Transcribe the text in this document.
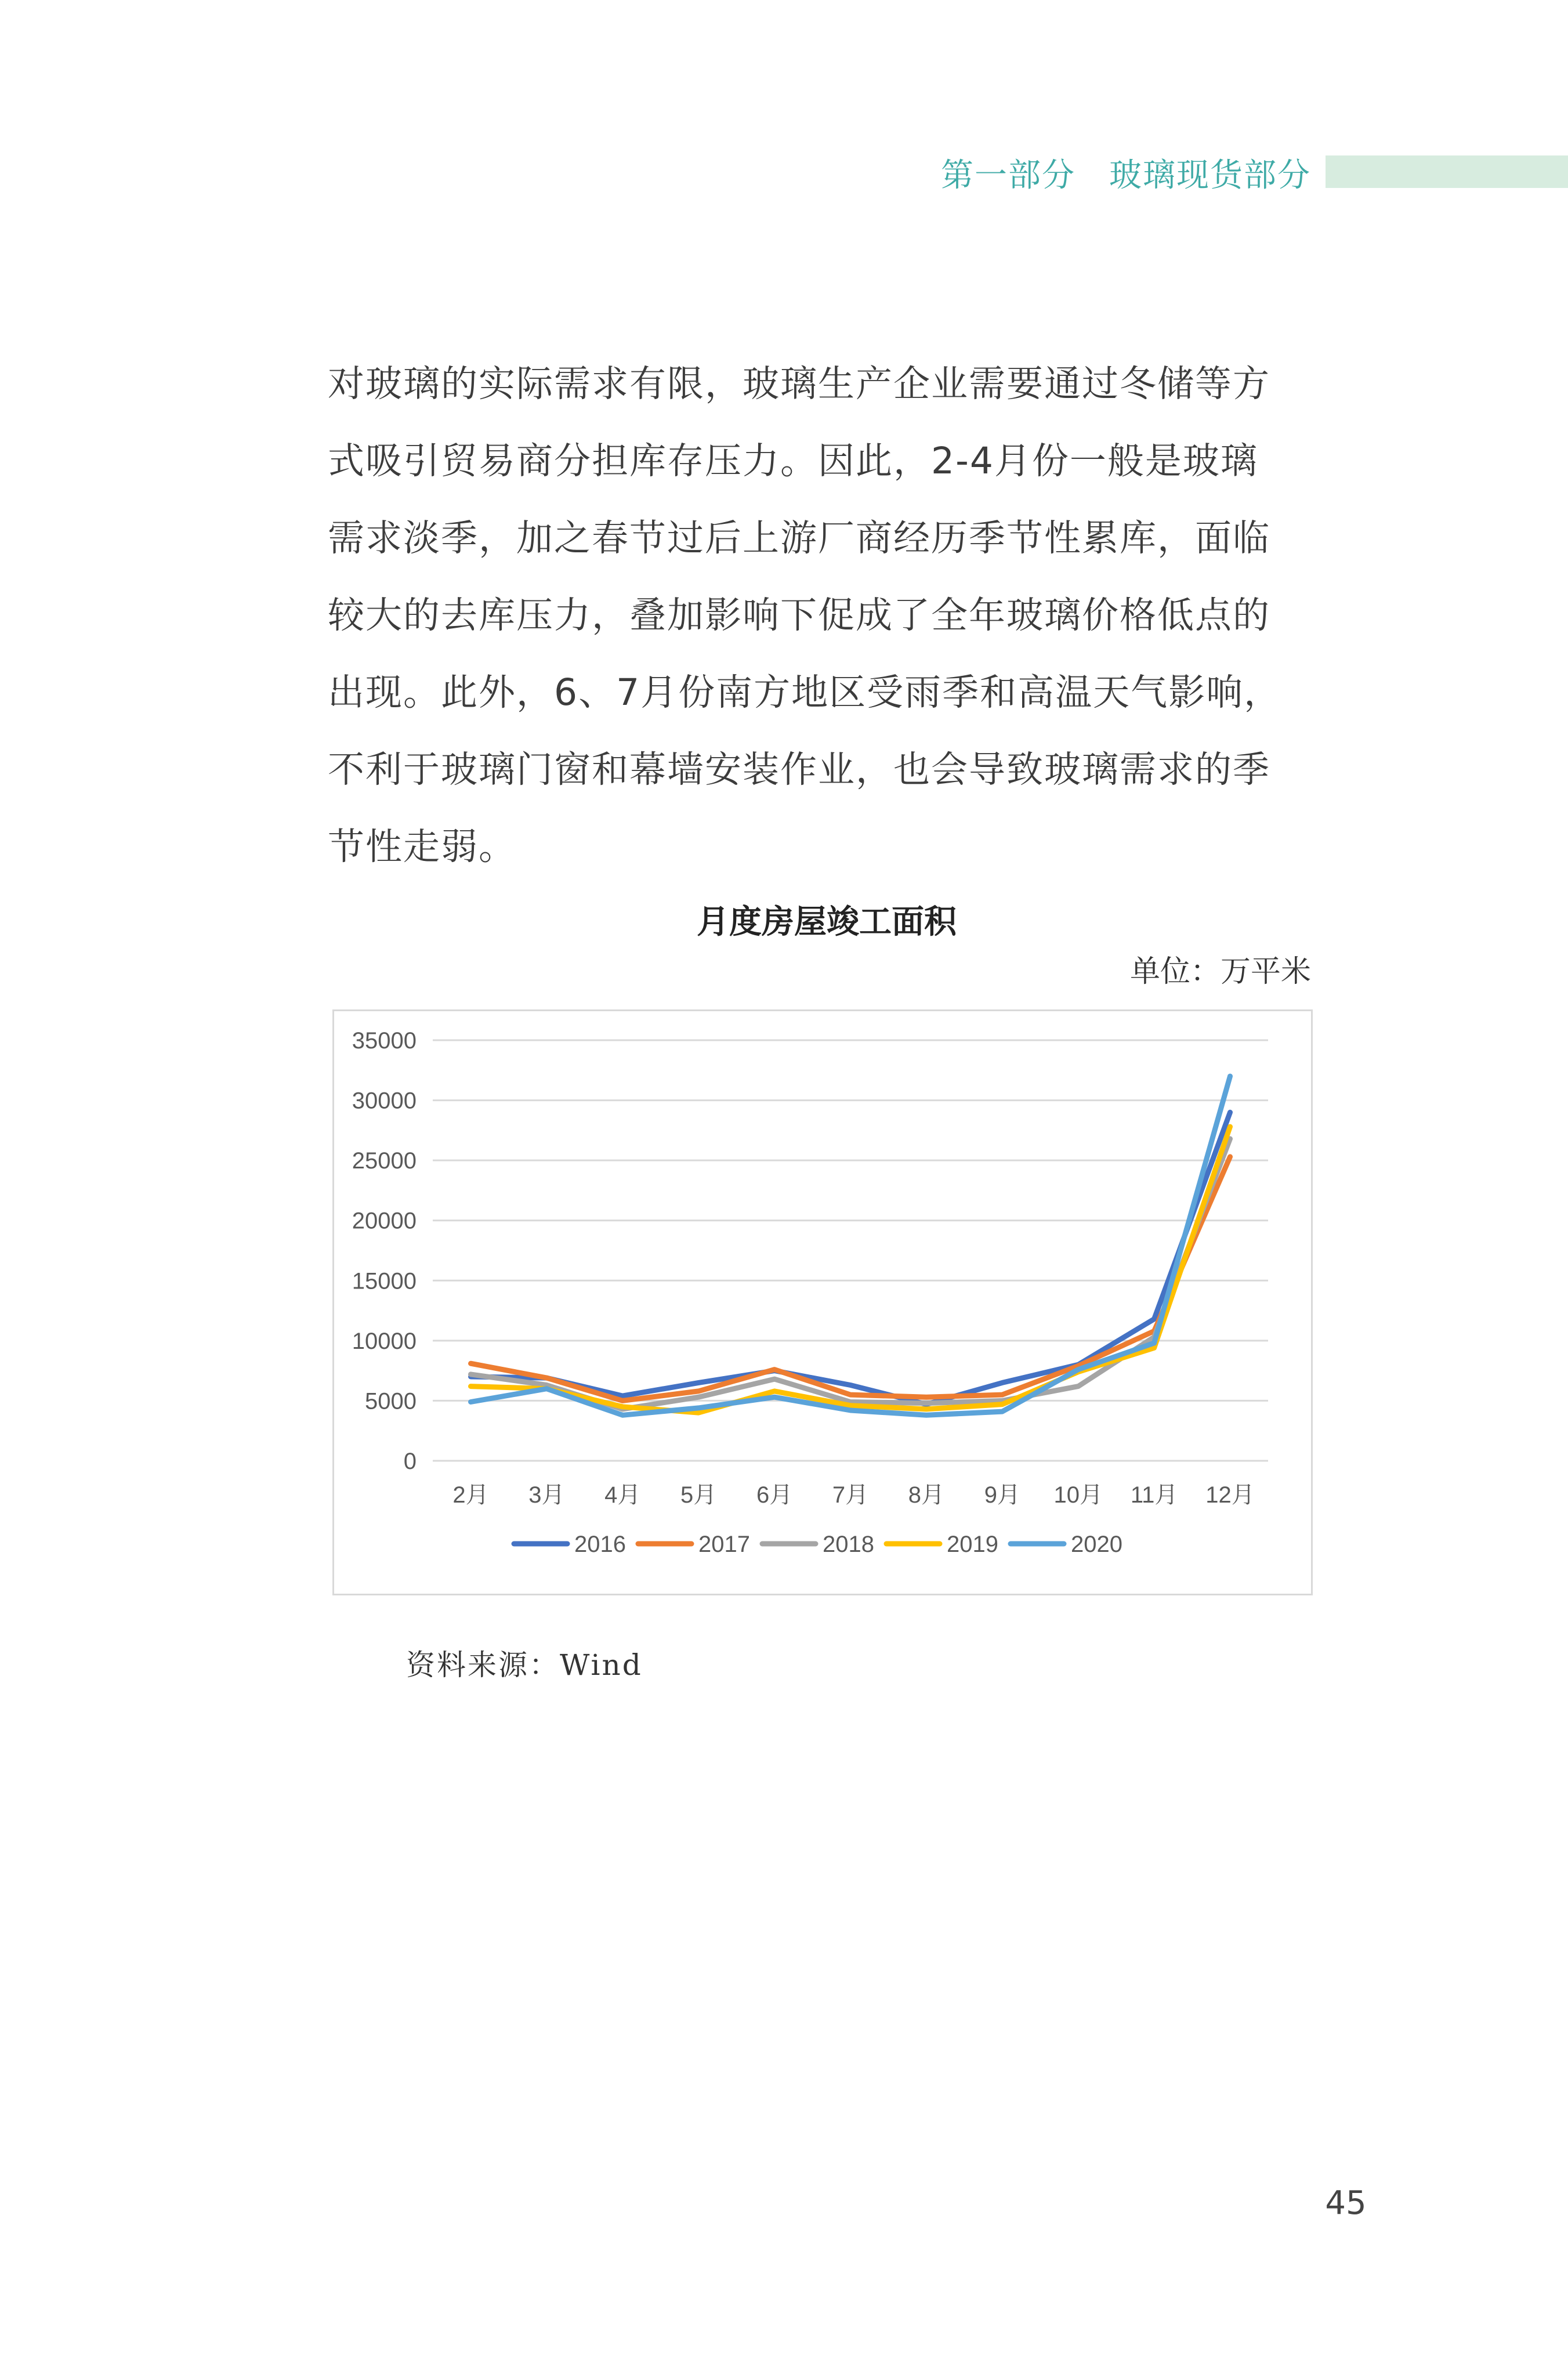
第一部分　玻璃现货部分

对玻璃的实际需求有限，玻璃生产企业需要通过冬储等方

式吸引贸易商分担库存压力。因此，2-4月份一般是玻璃

需求淡季，加之春节过后上游厂商经历季节性累库，面临

较大的去库压力，叠加影响下促成了全年玻璃价格低点的

出现。此外，6、7月份南方地区受雨季和高温天气影响，

不利于玻璃门窗和幕墙安装作业，也会导致玻璃需求的季

节性走弱。

月度房屋竣工面积
单位：万平米
0
5000
10000
15000
20000
25000
30000
35000
2月 3月 4月 5月 6月 7月 8月 9月 10月 11月 12月
2016	2017	2018	2019	2020
资料来源：Wind
45
